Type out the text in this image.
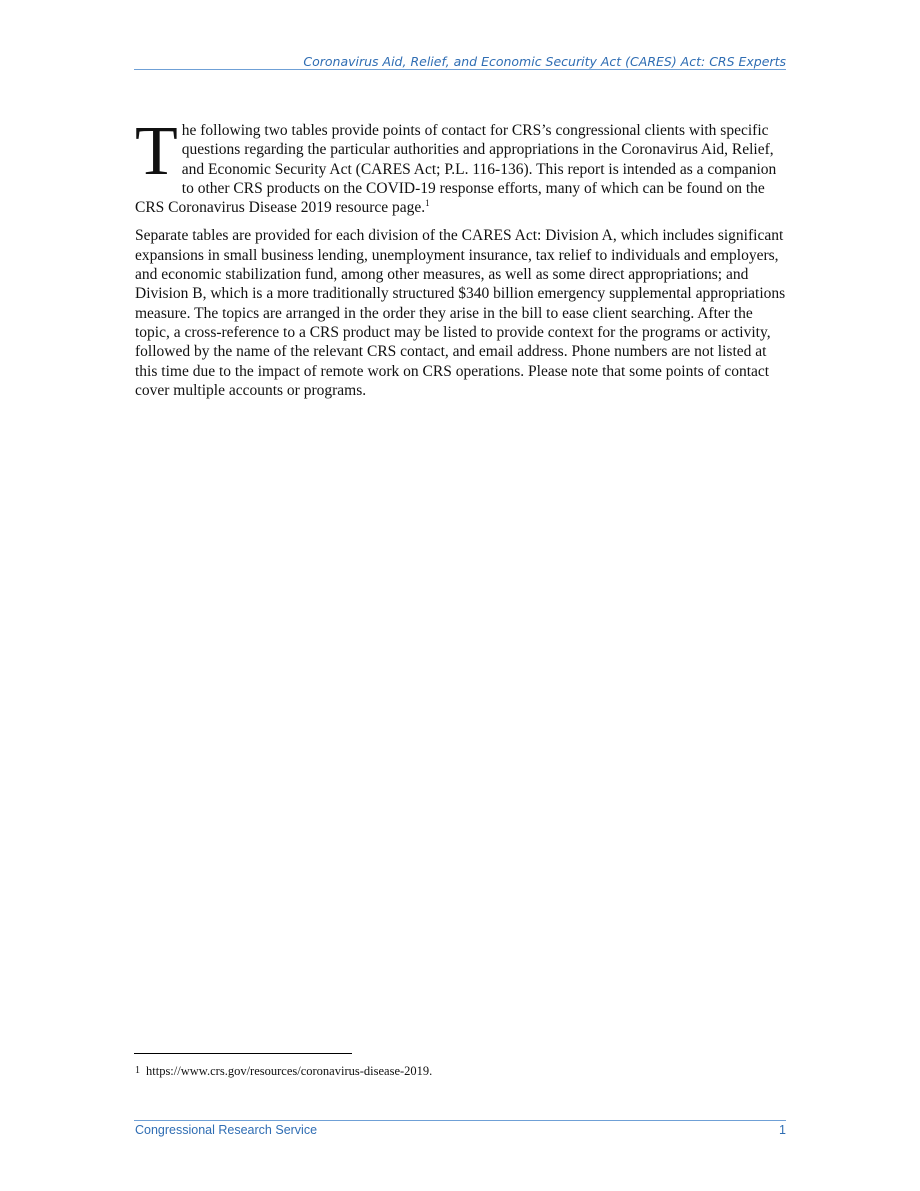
Coronavirus Aid, Relief, and Economic Security Act (CARES) Act: CRS Experts

The following two tables provide points of contact for CRS’s congressional clients with specific questions regarding the particular authorities and appropriations in the Coronavirus Aid, Relief, and Economic Security Act (CARES Act; P.L. 116-136). This report is intended as a companion to other CRS products on the COVID-19 response efforts, many of which can be found on the CRS Coronavirus Disease 2019 resource page.$^1$

Separate tables are provided for each division of the CARES Act: Division A, which includes significant expansions in small business lending, unemployment insurance, tax relief to individuals and employers, and economic stabilization fund, among other measures, as well as some direct appropriations; and Division B, which is a more traditionally structured $340 billion emergency supplemental appropriations measure. The topics are arranged in the order they arise in the bill to ease client searching. After the topic, a cross-reference to a CRS product may be listed to provide context for the programs or activity, followed by the name of the relevant CRS contact, and email address. Phone numbers are not listed at this time due to the impact of remote work on CRS operations. Please note that some points of contact cover multiple accounts or programs.

1 https://www.crs.gov/resources/coronavirus-disease-2019.
Congressional Research Service	1
